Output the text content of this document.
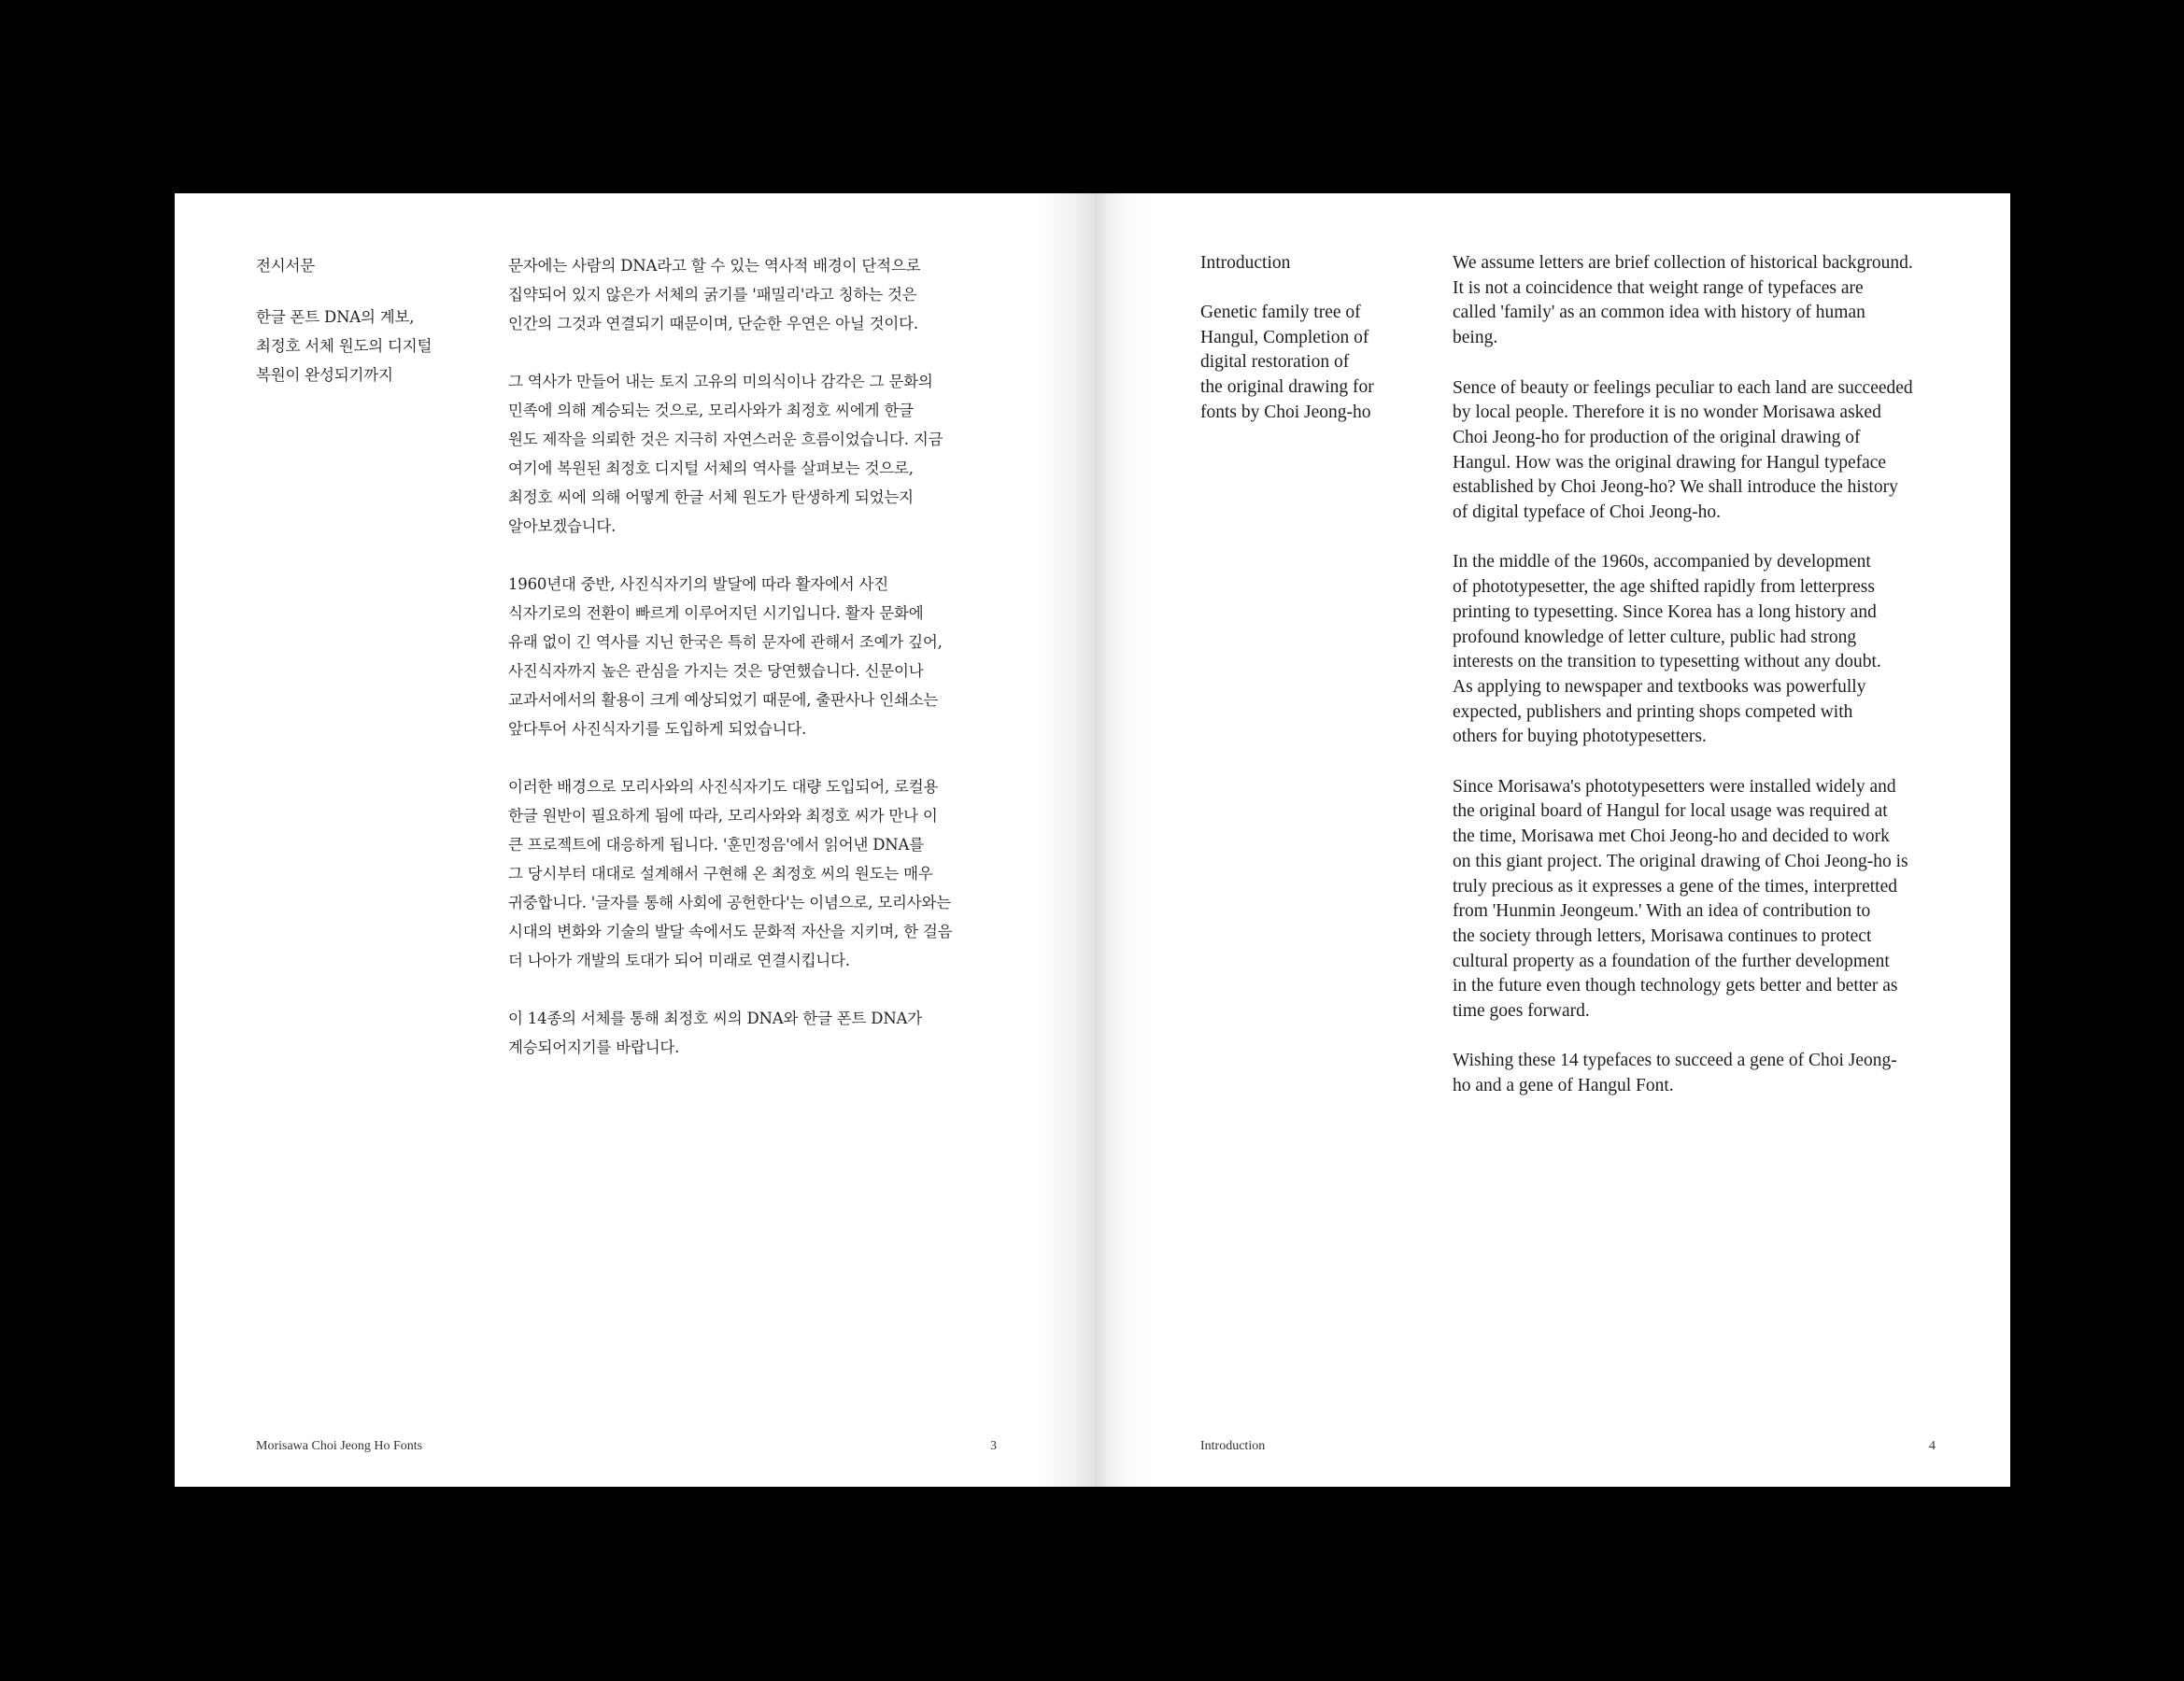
전시서문
한글 폰트 DNA의 계보,
최정호 서체 원도의 디지털
복원이 완성되기까지

문자에는 사람의 DNA라고 할 수 있는 역사적 배경이 단적으로
집약되어 있지 않은가 서체의 굵기를 '패밀리'라고 칭하는 것은
인간의 그것과 연결되기 때문이며, 단순한 우연은 아닐 것이다.

그 역사가 만들어 내는 토지 고유의 미의식이나 감각은 그 문화의
민족에 의해 계승되는 것으로, 모리사와가 최정호 씨에게 한글
원도 제작을 의뢰한 것은 지극히 자연스러운 흐름이었습니다. 지금
여기에 복원된 최정호 디지털 서체의 역사를 살펴보는 것으로,
최정호 씨에 의해 어떻게 한글 서체 원도가 탄생하게 되었는지
알아보겠습니다.

1960년대 중반, 사진식자기의 발달에 따라 활자에서 사진
식자기로의 전환이 빠르게 이루어지던 시기입니다. 활자 문화에
유래 없이 긴 역사를 지닌 한국은 특히 문자에 관해서 조예가 깊어,
사진식자까지 높은 관심을 가지는 것은 당연했습니다. 신문이나
교과서에서의 활용이 크게 예상되었기 때문에, 출판사나 인쇄소는
앞다투어 사진식자기를 도입하게 되었습니다.

이러한 배경으로 모리사와의 사진식자기도 대량 도입되어, 로컬용
한글 원반이 필요하게 됨에 따라, 모리사와와 최정호 씨가 만나 이
큰 프로젝트에 대응하게 됩니다. '훈민정음'에서 읽어낸 DNA를
그 당시부터 대대로 설계해서 구현해 온 최정호 씨의 원도는 매우
귀중합니다. '글자를 통해 사회에 공헌한다'는 이념으로, 모리사와는
시대의 변화와 기술의 발달 속에서도 문화적 자산을 지키며, 한 걸음
더 나아가 개발의 토대가 되어 미래로 연결시킵니다.

이 14종의 서체를 통해 최정호 씨의 DNA와 한글 폰트 DNA가
계승되어지기를 바랍니다.

Morisawa Choi Jeong Ho Fonts	3
Introduction
Genetic family tree of
Hangul, Completion of
digital restoration of
the original drawing for
fonts by Choi Jeong-ho

We assume letters are brief collection of historical background.
It is not a coincidence that weight range of typefaces are
called 'family' as an common idea with history of human
being.

Sence of beauty or feelings peculiar to each land are succeeded
by local people. Therefore it is no wonder Morisawa asked
Choi Jeong-ho for production of the original drawing of
Hangul. How was the original drawing for Hangul typeface
established by Choi Jeong-ho? We shall introduce the history
of digital typeface of Choi Jeong-ho.

In the middle of the 1960s, accompanied by development
of phototypesetter, the age shifted rapidly from letterpress
printing to typesetting. Since Korea has a long history and
profound knowledge of letter culture, public had strong
interests on the transition to typesetting without any doubt.
As applying to newspaper and textbooks was powerfully
expected, publishers and printing shops competed with
others for buying phototypesetters.

Since Morisawa's phototypesetters were installed widely and
the original board of Hangul for local usage was required at
the time, Morisawa met Choi Jeong-ho and decided to work
on this giant project. The original drawing of Choi Jeong-ho is
truly precious as it expresses a gene of the times, interpretted
from 'Hunmin Jeongeum.' With an idea of contribution to
the society through letters, Morisawa continues to protect
cultural property as a foundation of the further development
in the future even though technology gets better and better as
time goes forward.

Wishing these 14 typefaces to succeed a gene of Choi Jeong-
ho and a gene of Hangul Font.

Introduction	4
